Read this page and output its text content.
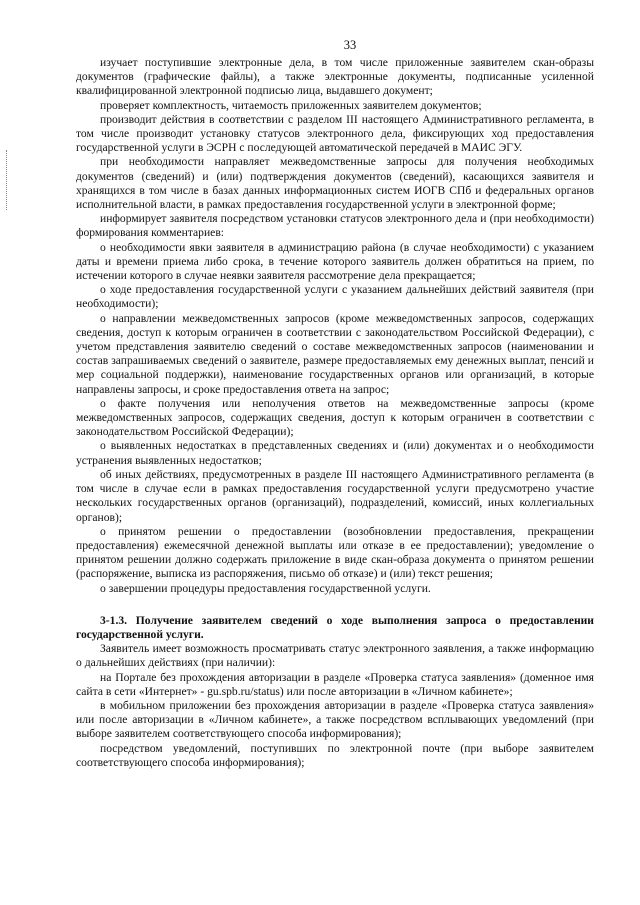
33

изучает поступившие электронные дела, в том числе приложенные заявителем скан-образы документов (графические файлы), а также электронные документы, подписанные усиленной квалифицированной электронной подписью лица, выдавшего документ;

проверяет комплектность, читаемость приложенных заявителем документов;

производит действия в соответствии с разделом III настоящего Административного регламента, в том числе производит установку статусов электронного дела, фиксирующих ход предоставления государственной услуги в ЭСРН с последующей автоматической передачей в МАИС ЭГУ.

при необходимости направляет межведомственные запросы для получения необходимых документов (сведений) и (или) подтверждения документов (сведений), касающихся заявителя и хранящихся в том числе в базах данных информационных систем ИОГВ СПб и федеральных органов исполнительной власти, в рамках предоставления государственной услуги в электронной форме;

информирует заявителя посредством установки статусов электронного дела и (при необходимости) формирования комментариев:

о необходимости явки заявителя в администрацию района (в случае необходимости) с указанием даты и времени приема либо срока, в течение которого заявитель должен обратиться на прием, по истечении которого в случае неявки заявителя рассмотрение дела прекращается;

о ходе предоставления государственной услуги с указанием дальнейших действий заявителя (при необходимости);

о направлении межведомственных запросов (кроме межведомственных запросов, содержащих сведения, доступ к которым ограничен в соответствии с законодательством Российской Федерации), с учетом представления заявителю сведений о составе межведомственных запросов (наименовании и состав запрашиваемых сведений о заявителе, размере предоставляемых ему денежных выплат, пенсий и мер социальной поддержки), наименование государственных органов или организаций, в которые направлены запросы, и сроке предоставления ответа на запрос;

о факте получения или неполучения ответов на межведомственные запросы (кроме межведомственных запросов, содержащих сведения, доступ к которым ограничен в соответствии с законодательством Российской Федерации);

о выявленных недостатках в представленных сведениях и (или) документах и о необходимости устранения выявленных недостатков;

об иных действиях, предусмотренных в разделе III настоящего Административного регламента (в том числе в случае если в рамках предоставления государственной услуги предусмотрено участие нескольких государственных органов (организаций), подразделений, комиссий, иных коллегиальных органов);

о принятом решении о предоставлении (возобновлении предоставления, прекращении предоставления) ежемесячной денежной выплаты или отказе в ее предоставлении); уведомление о принятом решении должно содержать приложение в виде скан-образа документа о принятом решении (распоряжение, выписка из распоряжения, письмо об отказе) и (или) текст решения;

о завершении процедуры предоставления государственной услуги.

3-1.3. Получение заявителем сведений о ходе выполнения запроса о предоставлении государственной услуги.

Заявитель имеет возможность просматривать статус электронного заявления, а также информацию о дальнейших действиях (при наличии):

на Портале без прохождения авторизации в разделе «Проверка статуса заявления» (доменное имя сайта в сети «Интернет» - gu.spb.ru/status) или после авторизации в «Личном кабинете»;

в мобильном приложении без прохождения авторизации в разделе «Проверка статуса заявления» или после авторизации в «Личном кабинете», а также посредством всплывающих уведомлений (при выборе заявителем соответствующего способа информирования);

посредством уведомлений, поступивших по электронной почте (при выборе заявителем соответствующего способа информирования);
